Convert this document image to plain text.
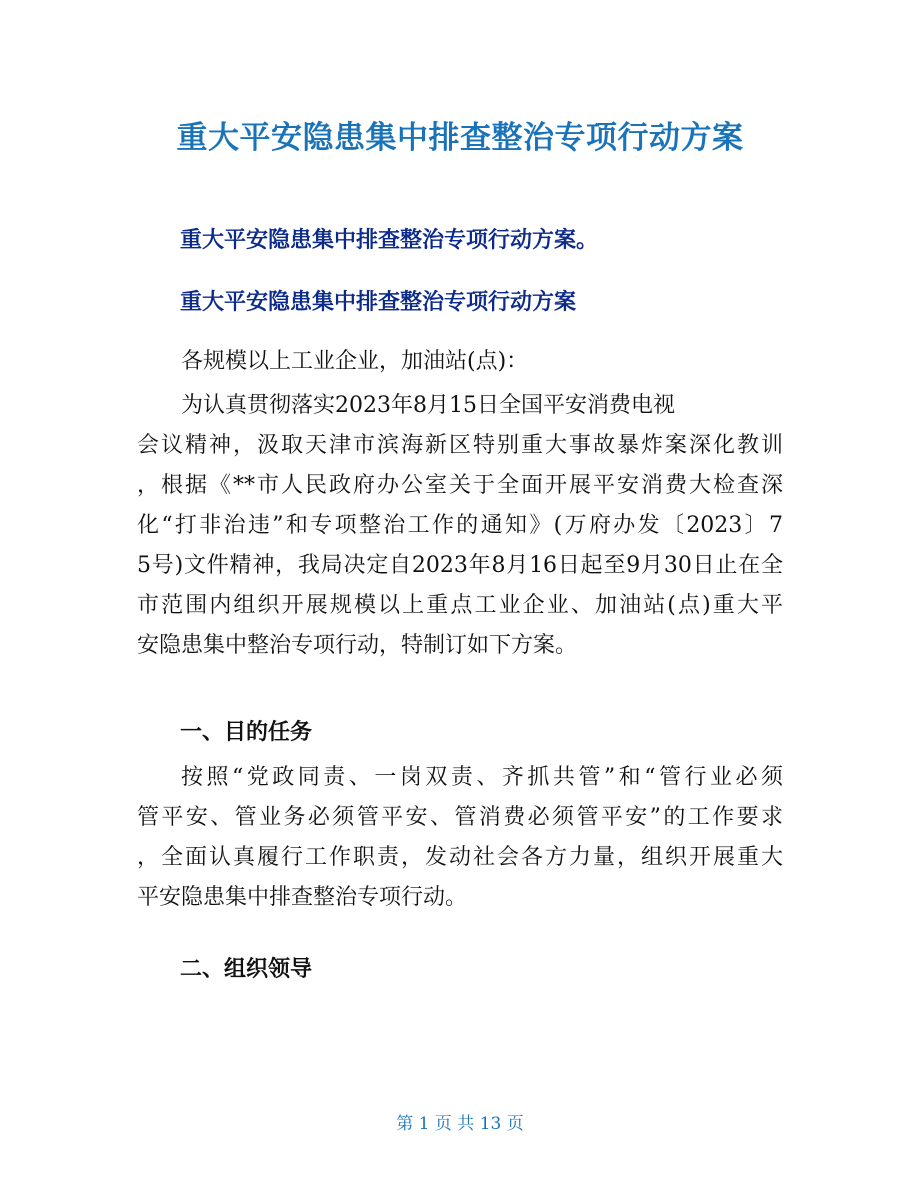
重大平安隐患集中排查整治专项行动方案

重大平安隐患集中排查整治专项行动方案。

重大平安隐患集中排查整治专项行动方案

各规模以上工业企业，加油站(点)：
为认真贯彻落实2023年8月15日全国平安消费电视
会议精神，汲取天津市滨海新区特别重大事故暴炸案深化教训
，根据《**市人民政府办公室关于全面开展平安消费大检查深
化“打非治违”和专项整治工作的通知》(万府办发〔2023〕7
5号)文件精神，我局决定自2023年8月16日起至9月30日止在全
市范围内组织开展规模以上重点工业企业、加油站(点)重大平
安隐患集中整治专项行动，特制订如下方案。

一、目的任务

按照“党政同责、一岗双责、齐抓共管”和“管行业必须
管平安、管业务必须管平安、管消费必须管平安”的工作要求
，全面认真履行工作职责，发动社会各方力量，组织开展重大
平安隐患集中排查整治专项行动。

二、组织领导

第 1 页 共 13 页
